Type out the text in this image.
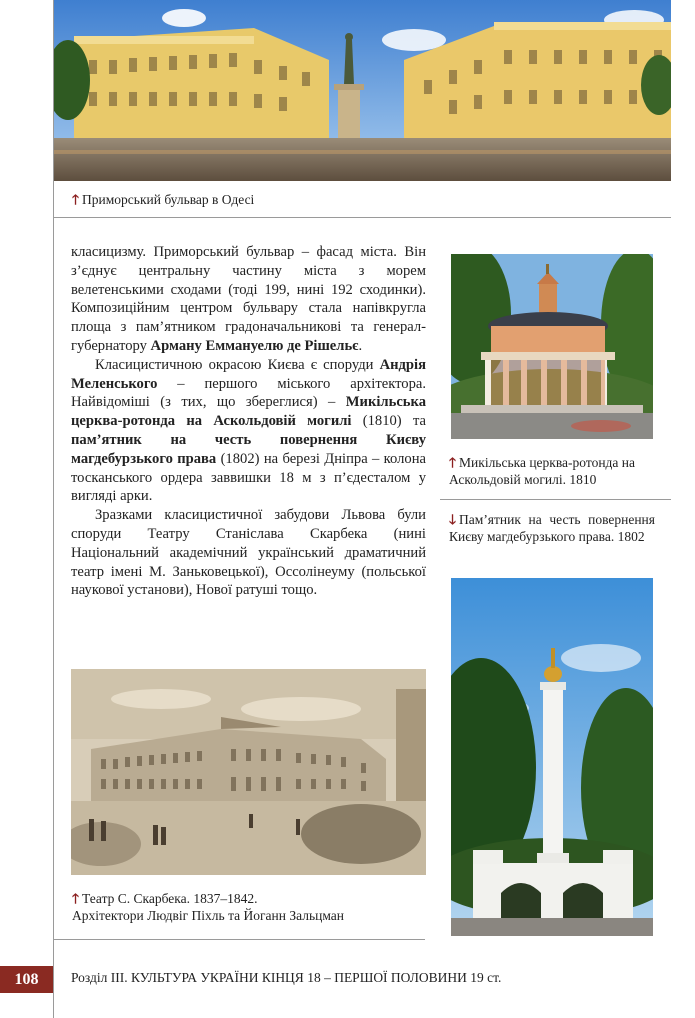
🡑 Приморський бульвар в Одесі

класицизму. Приморський бульвар – фасад міста. Він з’єднує центральну частину міста з морем велетенськими сходами (тоді 199, нині 192 сходинки). Композиційним центром бульвару стала напівкругла площа з пам’ятником градоначальникові та генерал-губернатору Арману Еммануелю де Рішельє.

Класицистичною окрасою Києва є споруди Андрія Меленського – першого міського архітектора. Найвідоміші (з тих, що збереглися) – Микільська церква-ротонда на Аскольдовій могилі (1810) та пам’ятник на честь повернення Києву магдебурзького права (1802) на березі Дніпра – колона тосканського ордера заввишки 18 м з п’єдесталом у вигляді арки.

Зразками класицистичної забудови Львова були споруди Театру Станіслава Скарбека (нині Національний академічний український драматичний театр імені М. Заньковецької), Оссолінеуму (польської наукової установи), Нової ратуші тощо.

🡑 Микільська церква-ротонда на Аскольдовій могилі. 1810
🡓 Пам’ятник на честь повернення Києву магдебурзького права. 1802
🡑 Театр С. Скарбека. 1837–1842.
Архітектори Людвіг Піхль та Йоганн Зальцман
108	Розділ ІІІ. КУЛЬТУРА УКРАЇНИ КІНЦЯ 18 – ПЕРШОЇ ПОЛОВИНИ 19 ст.
